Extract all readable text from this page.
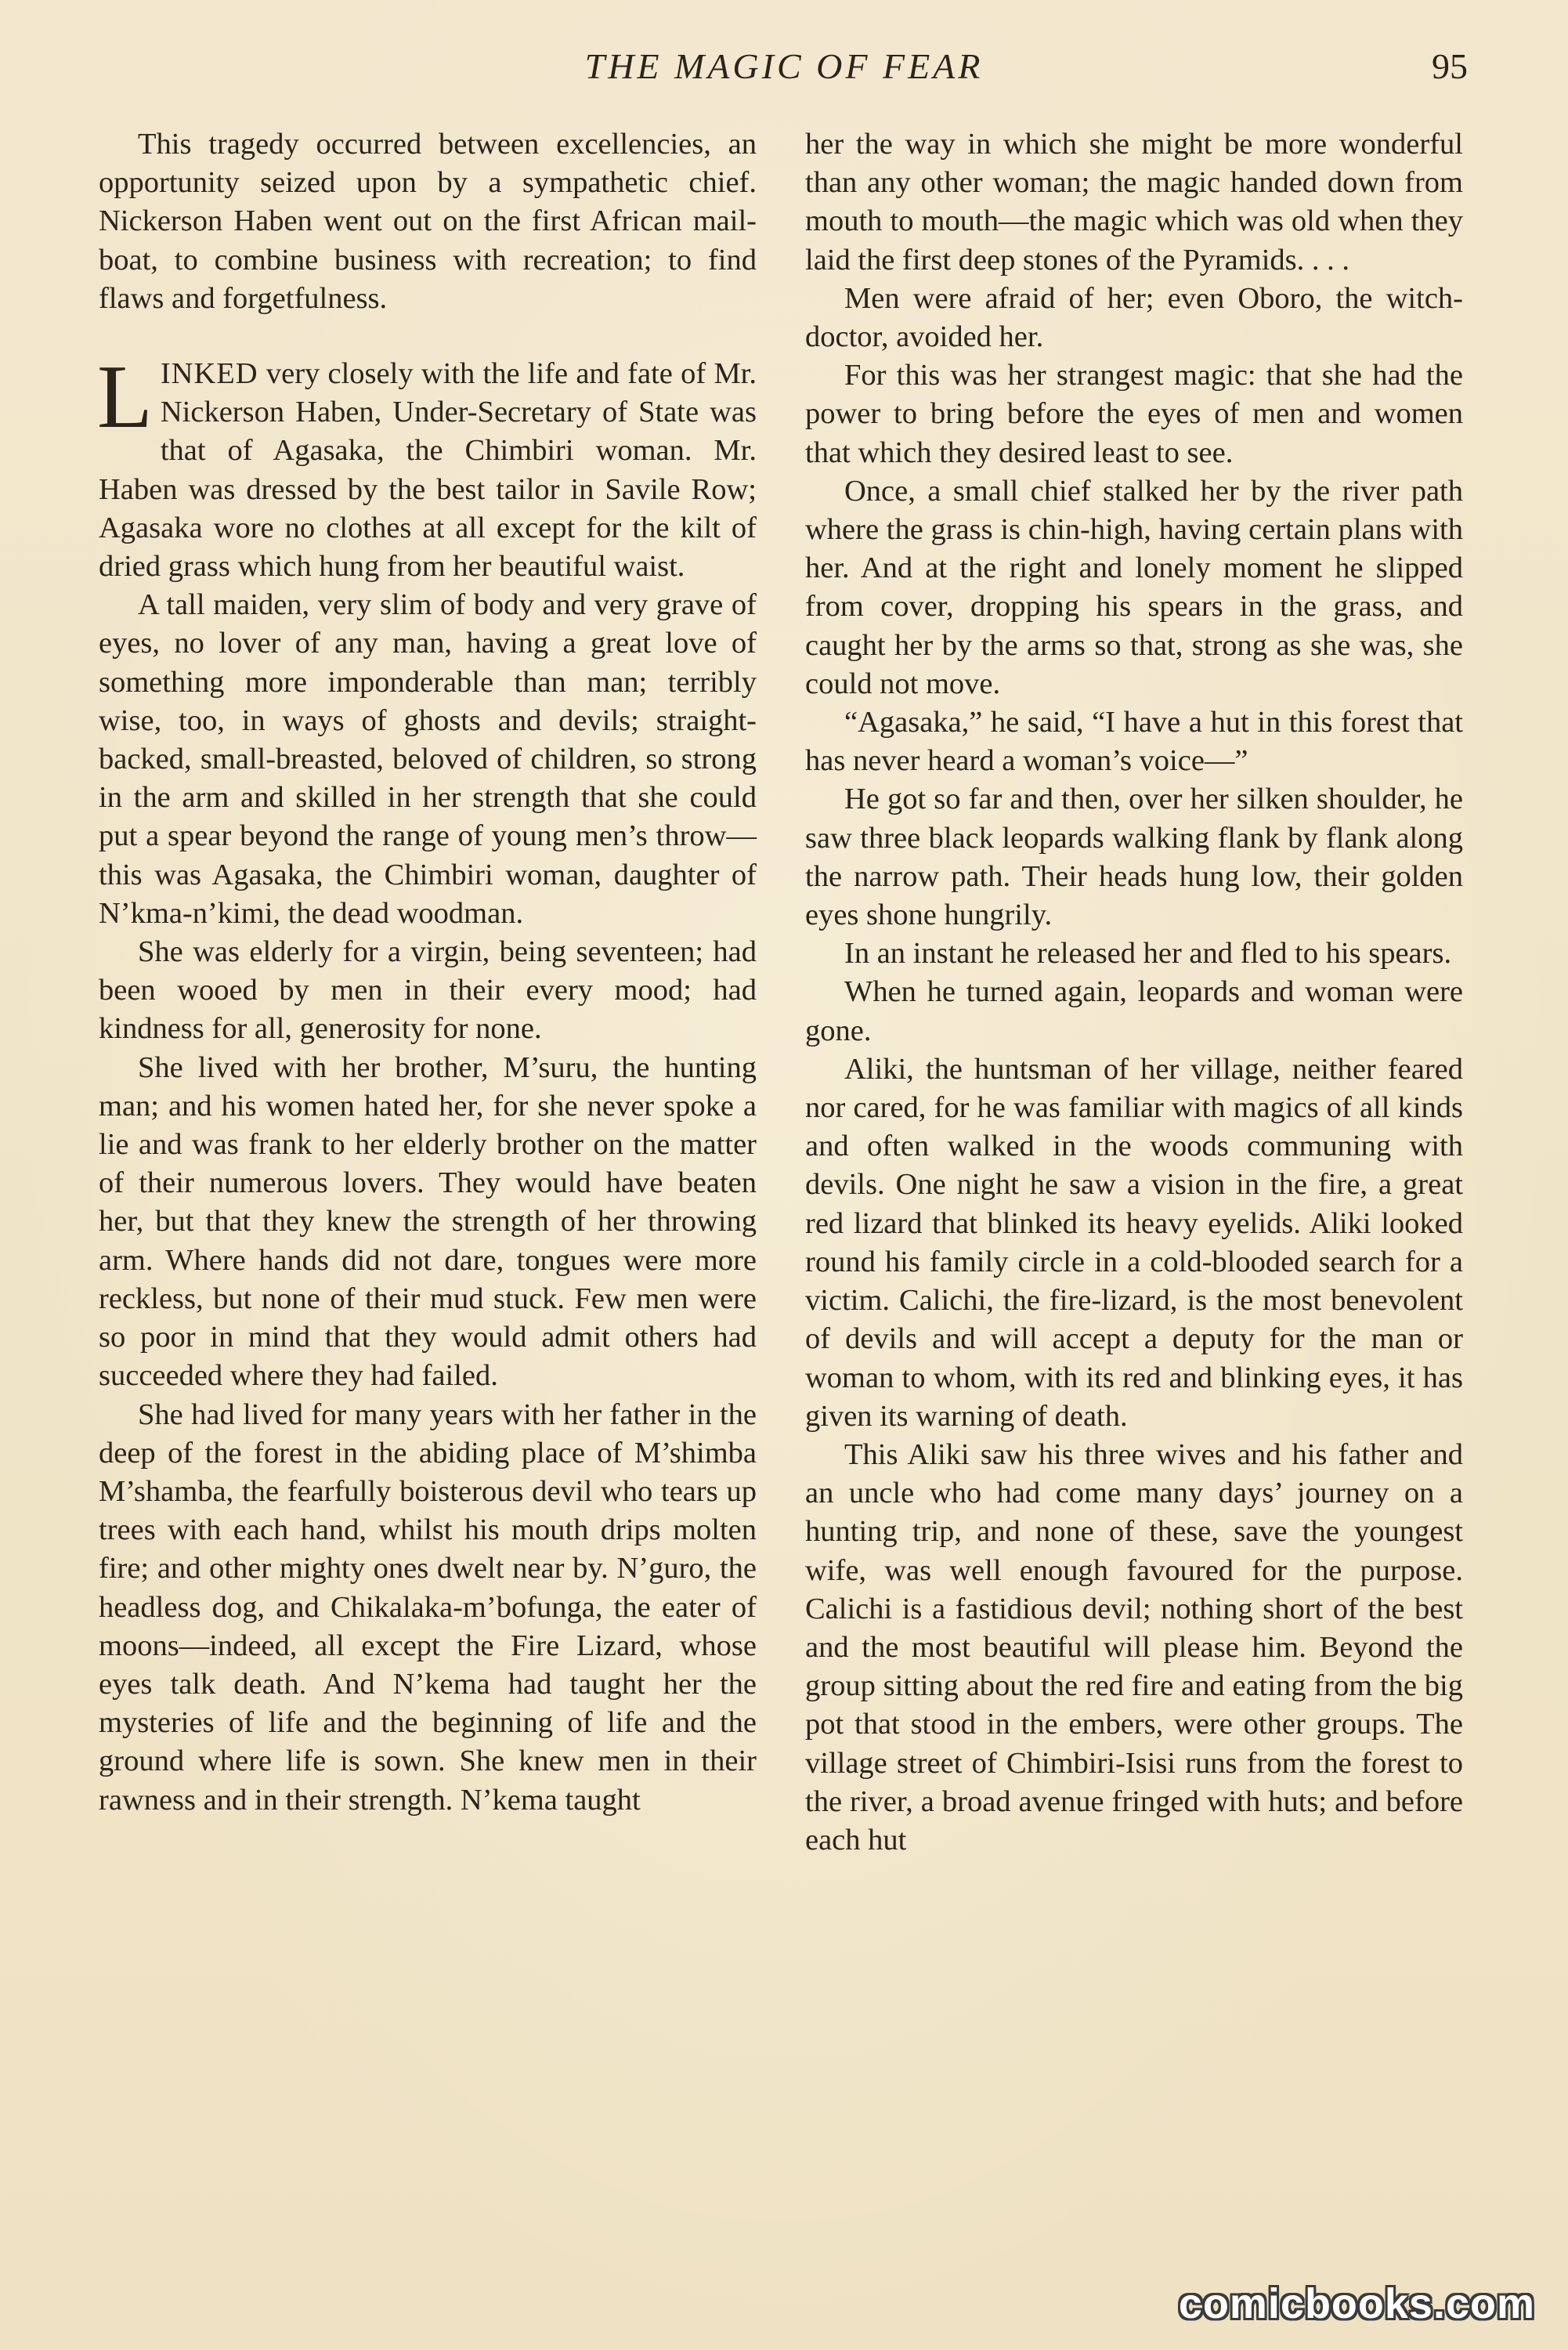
THE MAGIC OF FEAR	95

This tragedy occurred between excellencies, an opportunity seized upon by a sympathetic chief. Nickerson Haben went out on the first African mail-boat, to combine business with recreation; to find flaws and forgetfulness.

LINKED very closely with the life and fate of Mr. Nickerson Haben, Under-Secretary of State was that of Agasaka, the Chimbiri woman. Mr. Haben was dressed by the best tailor in Savile Row; Agasaka wore no clothes at all except for the kilt of dried grass which hung from her beautiful waist.

A tall maiden, very slim of body and very grave of eyes, no lover of any man, having a great love of something more imponderable than man; terribly wise, too, in ways of ghosts and devils; straight-backed, small-breasted, beloved of children, so strong in the arm and skilled in her strength that she could put a spear beyond the range of young men’s throw—this was Agasaka, the Chimbiri woman, daughter of N’kma-n’kimi, the dead woodman.

She was elderly for a virgin, being seventeen; had been wooed by men in their every mood; had kindness for all, generosity for none.

She lived with her brother, M’suru, the hunting man; and his women hated her, for she never spoke a lie and was frank to her elderly brother on the matter of their numerous lovers. They would have beaten her, but that they knew the strength of her throwing arm. Where hands did not dare, tongues were more reckless, but none of their mud stuck. Few men were so poor in mind that they would admit others had succeeded where they had failed.

She had lived for many years with her father in the deep of the forest in the abiding place of M’shimba M’shamba, the fearfully boisterous devil who tears up trees with each hand, whilst his mouth drips molten fire; and other mighty ones dwelt near by. N’guro, the headless dog, and Chikalaka-m’bofunga, the eater of moons—indeed, all except the Fire Lizard, whose eyes talk death. And N’kema had taught her the mysteries of life and the beginning of life and the ground where life is sown. She knew men in their rawness and in their strength. N’kema taught

her the way in which she might be more wonderful than any other woman; the magic handed down from mouth to mouth—the magic which was old when they laid the first deep stones of the Pyramids. . . .

Men were afraid of her; even Oboro, the witch-doctor, avoided her.

For this was her strangest magic: that she had the power to bring before the eyes of men and women that which they desired least to see.

Once, a small chief stalked her by the river path where the grass is chin-high, having certain plans with her. And at the right and lonely moment he slipped from cover, dropping his spears in the grass, and caught her by the arms so that, strong as she was, she could not move.

“Agasaka,” he said, “I have a hut in this forest that has never heard a woman’s voice—”

He got so far and then, over her silken shoulder, he saw three black leopards walking flank by flank along the narrow path. Their heads hung low, their golden eyes shone hungrily.

In an instant he released her and fled to his spears.

When he turned again, leopards and woman were gone.

Aliki, the huntsman of her village, neither feared nor cared, for he was familiar with magics of all kinds and often walked in the woods communing with devils. One night he saw a vision in the fire, a great red lizard that blinked its heavy eyelids. Aliki looked round his family circle in a cold-blooded search for a victim. Calichi, the fire-lizard, is the most benevolent of devils and will accept a deputy for the man or woman to whom, with its red and blinking eyes, it has given its warning of death.

This Aliki saw his three wives and his father and an uncle who had come many days’ journey on a hunting trip, and none of these, save the youngest wife, was well enough favoured for the purpose. Calichi is a fastidious devil; nothing short of the best and the most beautiful will please him. Beyond the group sitting about the red fire and eating from the big pot that stood in the embers, were other groups. The village street of Chimbiri-Isisi runs from the forest to the river, a broad avenue fringed with huts; and before each hut

comicbooks.com
